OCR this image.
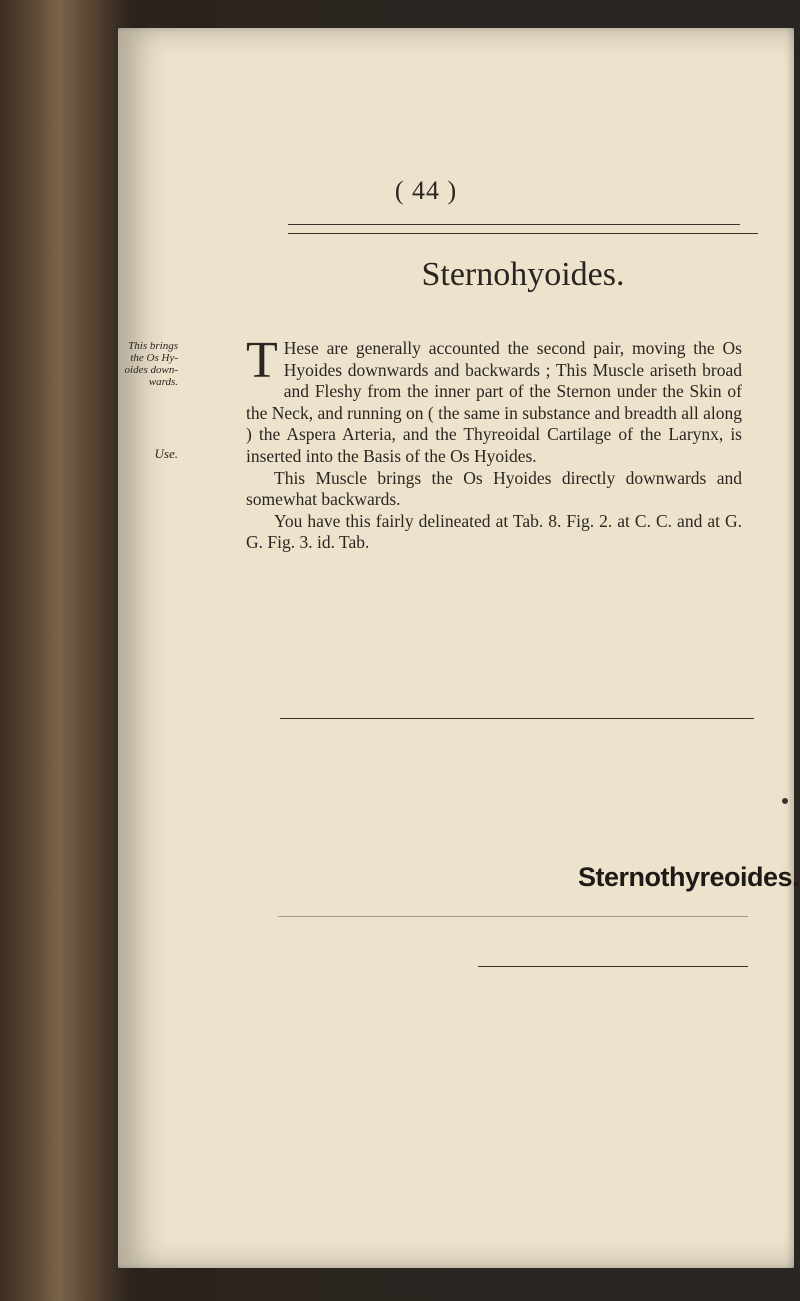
( 44 )
Sternohyoides.
This brings the Os Hy-oides down-wards.
Use.

T Hese are generally accounted the second pair, moving the Os Hyoides downwards and backwards ; This Muscle ariseth broad and Fleshy from the inner part of the Sternon under the Skin of the Neck, and running on ( the same in substance and breadth all along ) the Aspera Arteria, and the Thyreoidal Cartilage of the Larynx, is inserted into the Basis of the Os Hyoides.

This Muscle brings the Os Hyoides directly downwards and somewhat backwards.

You have this fairly delineated at Tab. 8. Fig. 2. at C. C. and at G. G. Fig. 3. id. Tab.

Sternothyreoides.
